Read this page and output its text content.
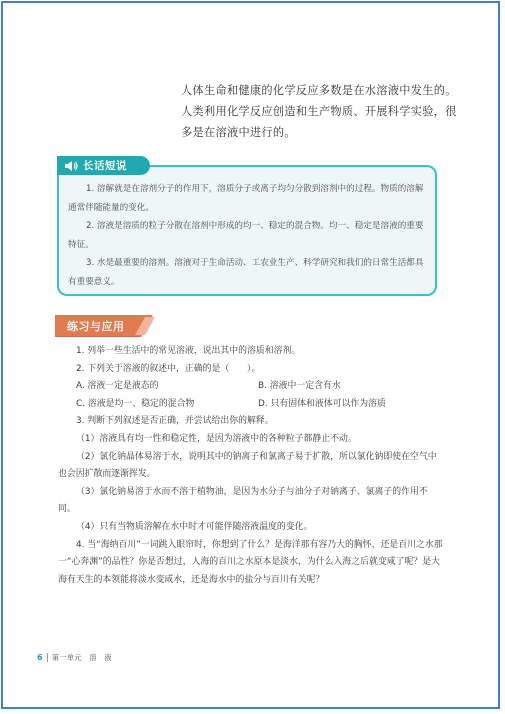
人体生命和健康的化学反应多数是在水溶液中发生的。人类利用化学反应创造和生产物质、开展科学实验，很多是在溶液中进行的。

长话短说

1. 溶解就是在溶剂分子的作用下，溶质分子或离子均匀分散到溶剂中的过程。物质的溶解通常伴随能量的变化。

2. 溶液是溶质的粒子分散在溶剂中形成的均一、稳定的混合物。均一、稳定是溶液的重要特征。

3. 水是最重要的溶剂。溶液对于生命活动、工农业生产、科学研究和我们的日常生活都具有重要意义。

练习与应用

1. 列举一些生活中的常见溶液，说出其中的溶质和溶剂。

2. 下列关于溶液的叙述中，正确的是（　　）。

A. 溶液一定是液态的	B. 溶液中一定含有水
C. 溶液是均一、稳定的混合物	D. 只有固体和液体可以作为溶质

3. 判断下列叙述是否正确，并尝试给出你的解释。

（1）溶液具有均一性和稳定性，是因为溶液中的各种粒子都静止不动。

（2）氯化钠晶体易溶于水，说明其中的钠离子和氯离子易于扩散，所以氯化钠即使在空气中也会因扩散而逐渐挥发。

（3）氯化钠易溶于水而不溶于植物油，是因为水分子与油分子对钠离子、氯离子的作用不同。

（4）只有当物质溶解在水中时才可能伴随溶液温度的变化。

4. 当“海纳百川”一词跳入眼帘时，你想到了什么？是海洋那有容乃大的胸怀，还是百川之水那一“心奔渊”的品性？你是否想过，人海的百川之水原本是淡水，为什么入海之后就变咸了呢？是大海有天生的本领能将淡水变咸水，还是海水中的盐分与百川有关呢？

6 第一单元　溶　液
